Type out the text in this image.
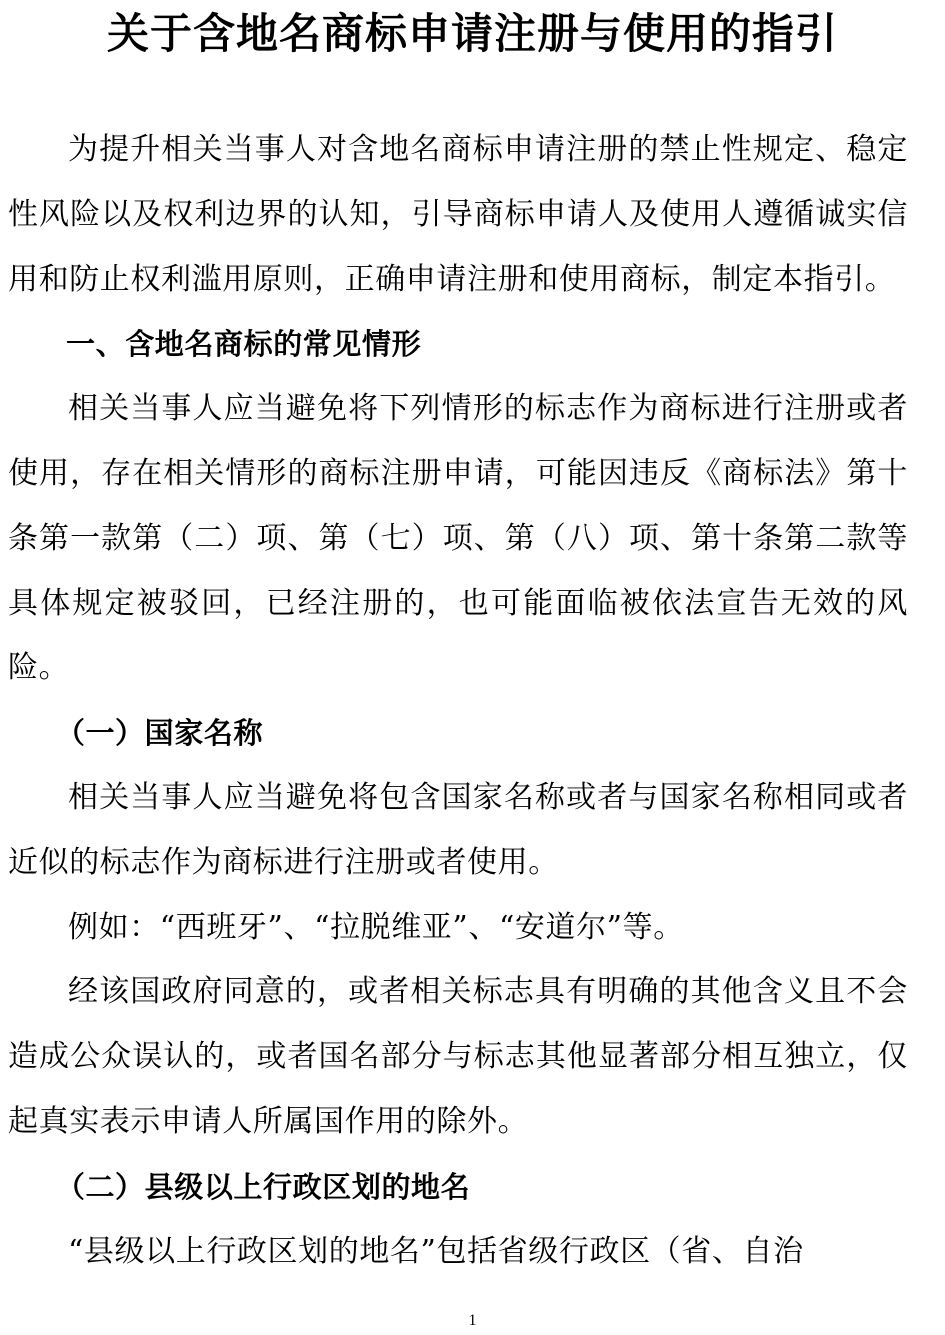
关于含地名商标申请注册与使用的指引

为提升相关当事人对含地名商标申请注册的禁止性规定、稳定性风险以及权利边界的认知，引导商标申请人及使用人遵循诚实信用和防止权利滥用原则，正确申请注册和使用商标，制定本指引。

一、含地名商标的常见情形

相关当事人应当避免将下列情形的标志作为商标进行注册或者使用，存在相关情形的商标注册申请，可能因违反《商标法》第十条第一款第（二）项、第（七）项、第（八）项、第十条第二款等具体规定被驳回，已经注册的，也可能面临被依法宣告无效的风险。

（一）国家名称

相关当事人应当避免将包含国家名称或者与国家名称相同或者近似的标志作为商标进行注册或者使用。

例如：“西班牙”、“拉脱维亚”、“安道尔”等。

经该国政府同意的，或者相关标志具有明确的其他含义且不会造成公众误认的，或者国名部分与标志其他显著部分相互独立，仅起真实表示申请人所属国作用的除外。

（二）县级以上行政区划的地名

“县级以上行政区划的地名”包括省级行政区（省、自治

1
